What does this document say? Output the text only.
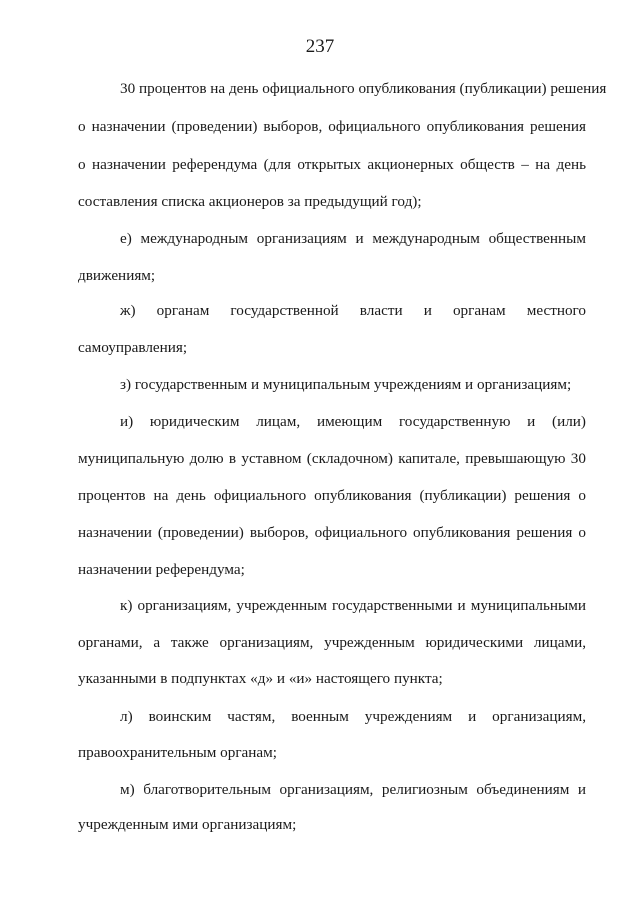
237

30 процентов на день официального опубликования (публикации) решения

о назначении (проведении) выборов, официального опубликования решения

о назначении референдума (для открытых акционерных обществ – на день

составления списка акционеров за предыдущий год);

е) международным организациям и международным общественным

движениям;

ж) органам государственной власти и органам местного

самоуправления;

з) государственным и муниципальным учреждениям и организациям;

и) юридическим лицам, имеющим государственную и (или)

муниципальную долю в уставном (складочном) капитале, превышающую 30

процентов на день официального опубликования (публикации) решения о

назначении (проведении) выборов, официального опубликования решения о

назначении референдума;

к) организациям, учрежденным государственными и муниципальными

органами, а также организациям, учрежденным юридическими лицами,

указанными в подпунктах «д» и «и» настоящего пункта;

л) воинским частям, военным учреждениям и организациям,

правоохранительным органам;

м) благотворительным организациям, религиозным объединениям и

учрежденным ими организациям;
